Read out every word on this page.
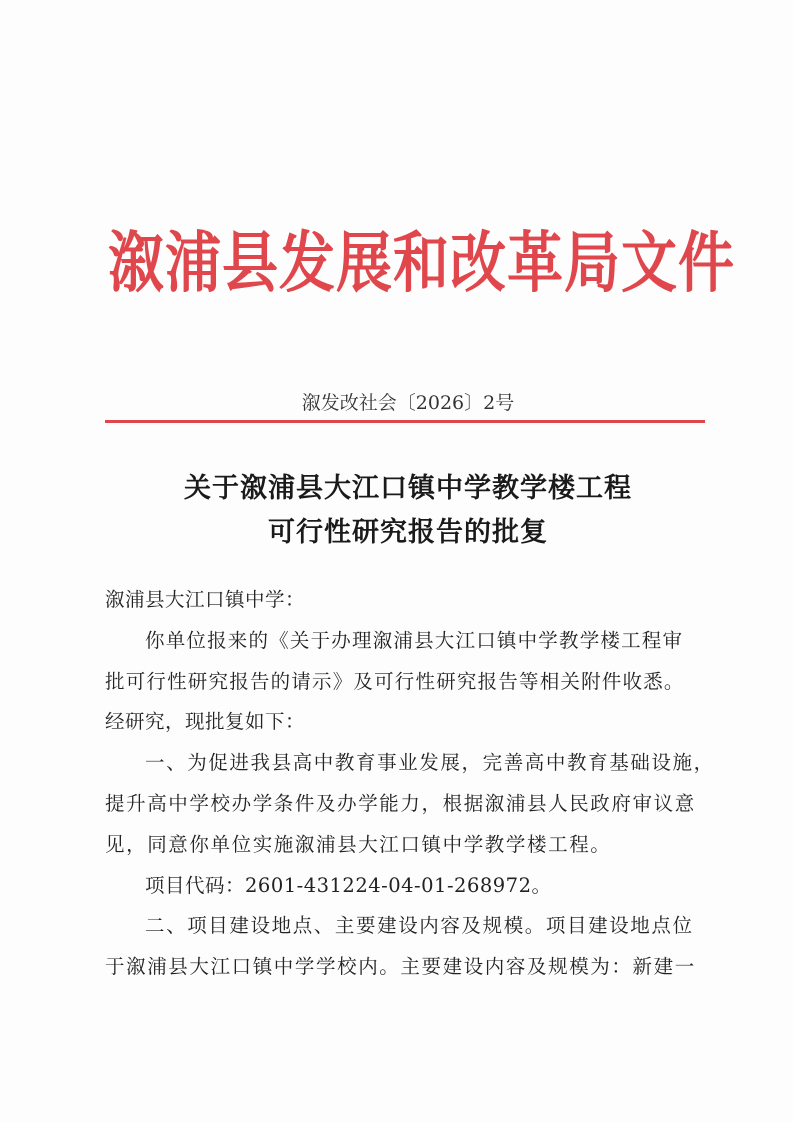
溆浦县发展和改革局文件
溆发改社会〔2026〕2号
关于溆浦县大江口镇中学教学楼工程
可行性研究报告的批复
溆浦县大江口镇中学：
你单位报来的《关于办理溆浦县大江口镇中学教学楼工程审
批可行性研究报告的请示》及可行性研究报告等相关附件收悉。
经研究，现批复如下：
一、为促进我县高中教育事业发展，完善高中教育基础设施，
提升高中学校办学条件及办学能力，根据溆浦县人民政府审议意
见，同意你单位实施溆浦县大江口镇中学教学楼工程。
项目代码：2601-431224-04-01-268972。
二、项目建设地点、主要建设内容及规模。项目建设地点位
于溆浦县大江口镇中学学校内。主要建设内容及规模为：新建一
